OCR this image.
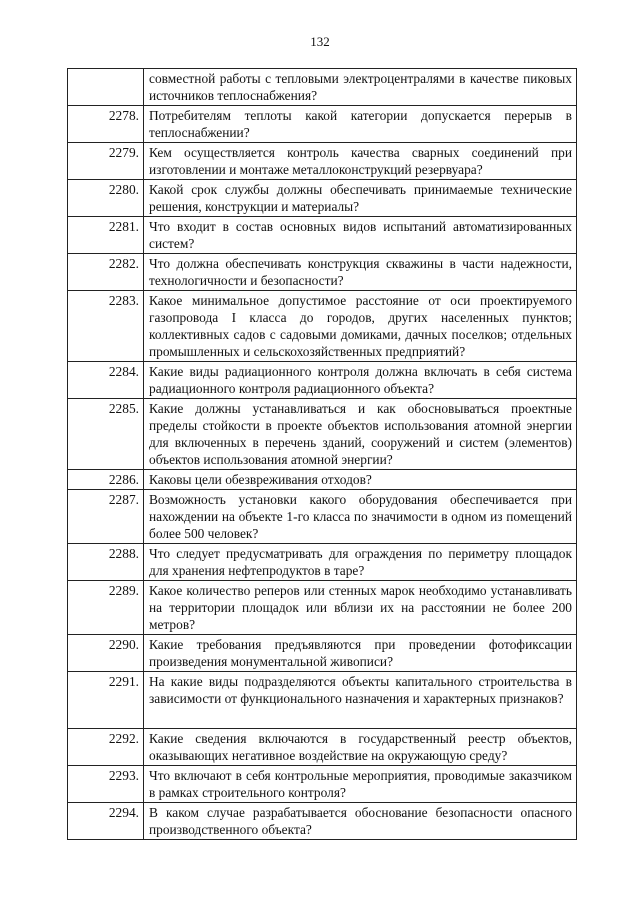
132
	совместной работы с тепловыми электроцентралями в качестве пиковых источников теплоснабжения?
2278.	Потребителям теплоты какой категории допускается перерыв в теплоснабжении?
2279.	Кем осуществляется контроль качества сварных соединений при изготовлении и монтаже металлоконструкций резервуара?
2280.	Какой срок службы должны обеспечивать принимаемые технические решения, конструкции и материалы?
2281.	Что входит в состав основных видов испытаний автоматизированных систем?
2282.	Что должна обеспечивать конструкция скважины в части надежности, технологичности и безопасности?
2283.	Какое минимальное допустимое расстояние от оси проектируемого газопровода I класса до городов, других населенных пунктов; коллективных садов с садовыми домиками, дачных поселков; отдельных промышленных и сельскохозяйственных предприятий?
2284.	Какие виды радиационного контроля должна включать в себя система радиационного контроля радиационного объекта?
2285.	Какие должны устанавливаться и как обосновываться проектные пределы стойкости в проекте объектов использования атомной энергии для включенных в перечень зданий, сооружений и систем (элементов) объектов использования атомной энергии?
2286.	Каковы цели обезвреживания отходов?
2287.	Возможность установки какого оборудования обеспечивается при нахождении на объекте 1-го класса по значимости в одном из помещений более 500 человек?
2288.	Что следует предусматривать для ограждения по периметру площадок для хранения нефтепродуктов в таре?
2289.	Какое количество реперов или стенных марок необходимо устанавливать на территории площадок или вблизи их на расстоянии не более 200 метров?
2290.	Какие требования предъявляются при проведении фотофиксации произведения монументальной живописи?
2291.	На какие виды подразделяются объекты капитального строительства в зависимости от функционального назначения и характерных признаков?
2292.	Какие сведения включаются в государственный реестр объектов, оказывающих негативное воздействие на окружающую среду?
2293.	Что включают в себя контрольные мероприятия, проводимые заказчиком в рамках строительного контроля?
2294.	В каком случае разрабатывается обоснование безопасности опасного производственного объекта?
